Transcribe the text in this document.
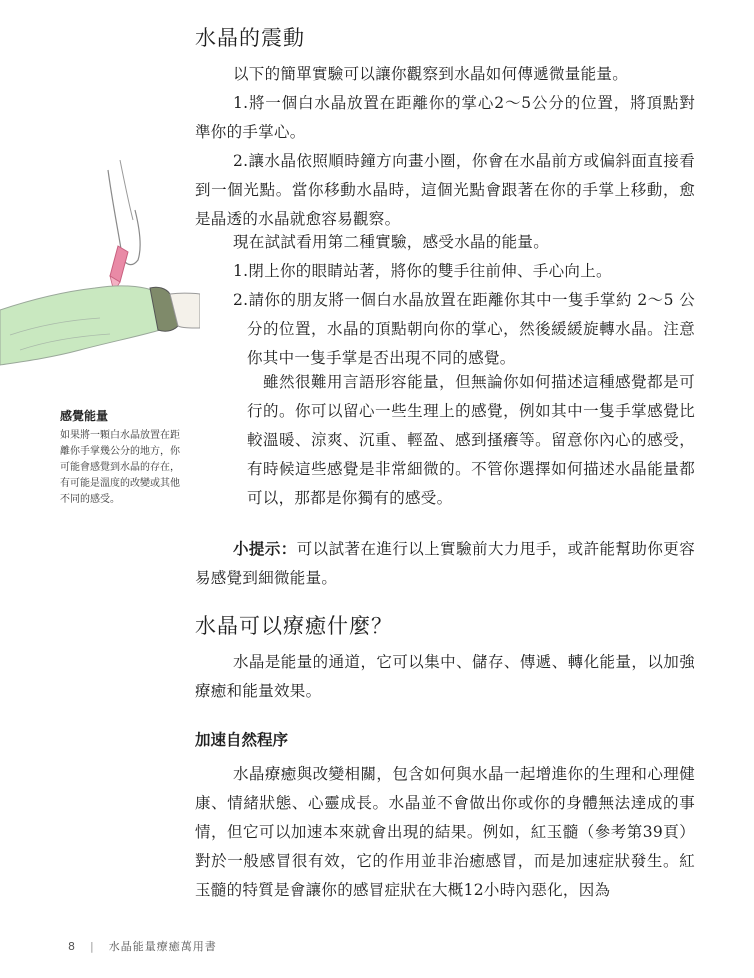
水晶的震動

以下的簡單實驗可以讓你觀察到水晶如何傳遞微量能量。

1.將一個白水晶放置在距離你的掌心2～5公分的位置，將頂點對準你的手掌心。

2.讓水晶依照順時鐘方向畫小圈，你會在水晶前方或偏斜面直接看到一個光點。當你移動水晶時，這個光點會跟著在你的手掌上移動，愈是晶透的水晶就愈容易觀察。

現在試試看用第二種實驗，感受水晶的能量。

1.閉上你的眼睛站著，將你的雙手往前伸、手心向上。

2.請你的朋友將一個白水晶放置在距離你其中一隻手掌約 2～5 公分的位置，水晶的頂點朝向你的掌心，然後緩緩旋轉水晶。注意你其中一隻手掌是否出現不同的感覺。

雖然很難用言語形容能量，但無論你如何描述這種感覺都是可行的。你可以留心一些生理上的感覺，例如其中一隻手掌感覺比較溫暖、涼爽、沉重、輕盈、感到搔癢等。留意你內心的感受，有時候這些感覺是非常細微的。不管你選擇如何描述水晶能量都可以，那都是你獨有的感受。

小提示：可以試著在進行以上實驗前大力甩手，或許能幫助你更容易感覺到細微能量。

感覺能量
如果將一顆白水晶放置在距離你手掌幾公分的地方，你可能會感覺到水晶的存在，有可能是溫度的改變或其他不同的感受。
水晶可以療癒什麼？

水晶是能量的通道，它可以集中、儲存、傳遞、轉化能量，以加強療癒和能量效果。

加速自然程序

水晶療癒與改變相關，包含如何與水晶一起增進你的生理和心理健康、情緒狀態、心靈成長。水晶並不會做出你或你的身體無法達成的事情，但它可以加速本來就會出現的結果。例如，紅玉髓（參考第39頁）對於一般感冒很有效，它的作用並非治癒感冒，而是加速症狀發生。紅玉髓的特質是會讓你的感冒症狀在大概12小時內惡化，因為

8 | 水晶能量療癒萬用書
